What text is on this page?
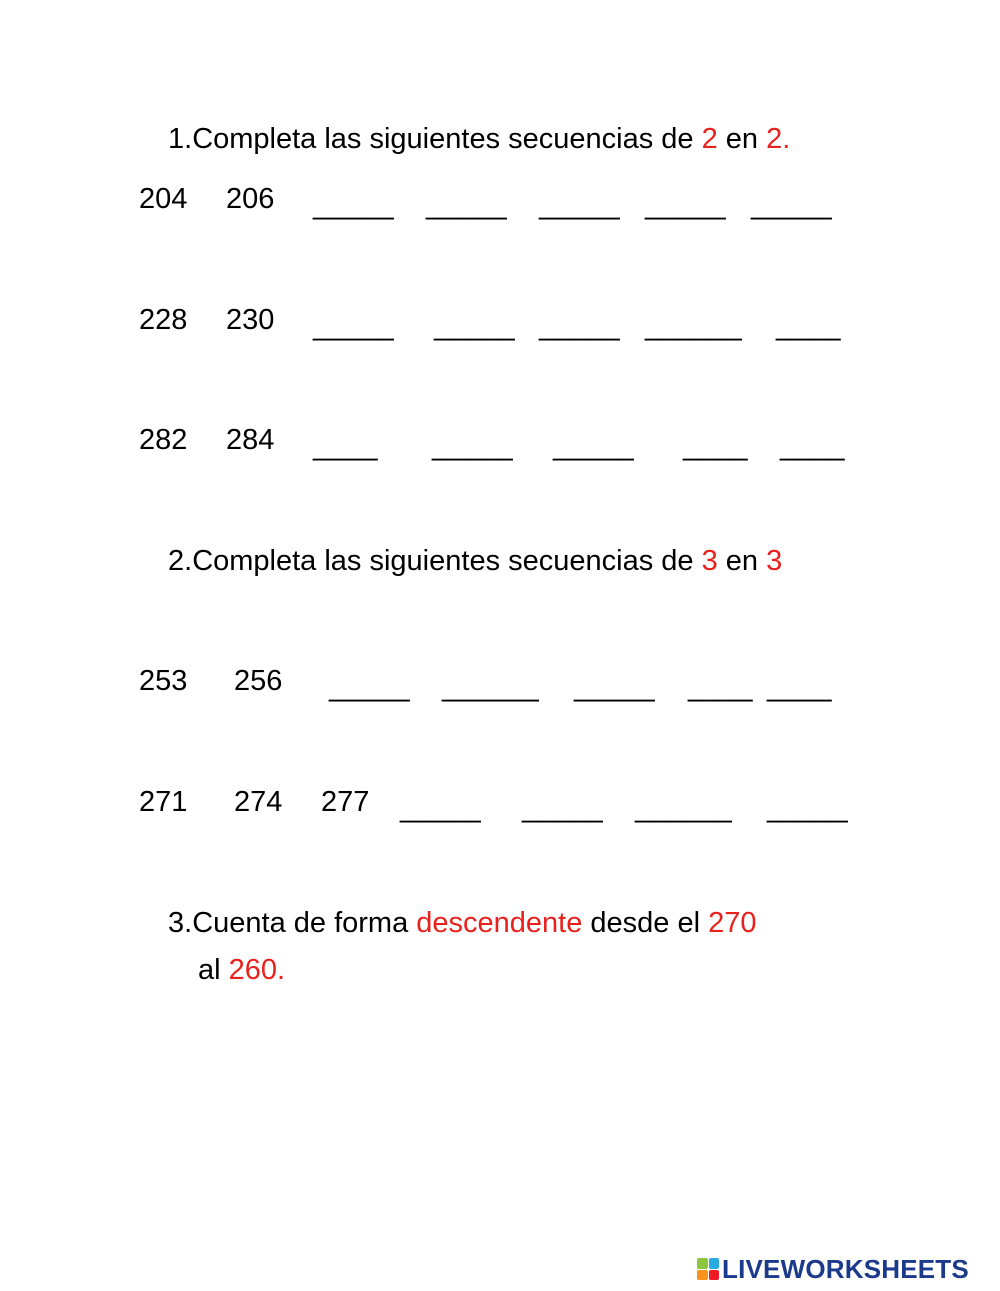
1.Completa las siguientes secuencias de 2 en 2.
204 206 _____ _____ _____ _____ _____
228 230 _____ _____ _____ ______ ____
282 284 ____ _____ _____ ____ ____
2.Completa las siguientes secuencias de 3 en 3
253 256 _____ ______ _____ ____ ____
271 274 277 _____ _____ ______ _____
3.Cuenta de forma descendente desde el 270
al 260.
LIVEWORKSHEETS
